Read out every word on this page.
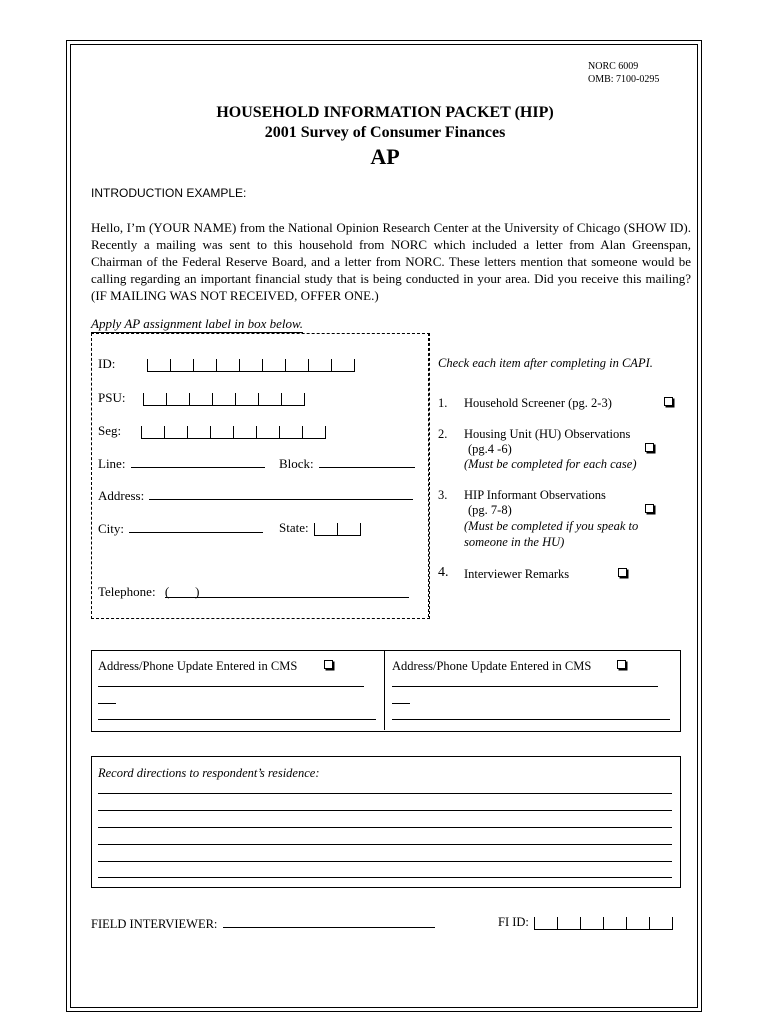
NORC 6009
OMB: 7100-0295
HOUSEHOLD INFORMATION PACKET (HIP)
2001 Survey of Consumer Finances
AP
INTRODUCTION EXAMPLE:
Hello, I’m (YOUR NAME) from the National Opinion Research Center at the University of Chicago (SHOW ID). Recently a mailing was sent to this household from NORC which included a letter from Alan Greenspan, Chairman of the Federal Reserve Board, and a letter from NORC. These letters mention that someone would be calling regarding an important financial study that is being conducted in your area. Did you receive this mailing? (IF MAILING WAS NOT RECEIVED, OFFER ONE.)
Apply AP assignment label in box below.
ID:
PSU:
Seg:
Line:	Block:
Address:
City:	State:
Telephone: ( )
Check each item after completing in CAPI.
1. Household Screener (pg. 2-3)
2. Housing Unit (HU) Observations
(pg.4 -6)
(Must be completed for each case)
3. HIP Informant Observations
(pg. 7-8)
(Must be completed if you speak to someone in the HU)
4. Interviewer Remarks
Address/Phone Update Entered in CMS	Address/Phone Update Entered in CMS
Record directions to respondent’s residence:
FIELD INTERVIEWER:	FI ID:
